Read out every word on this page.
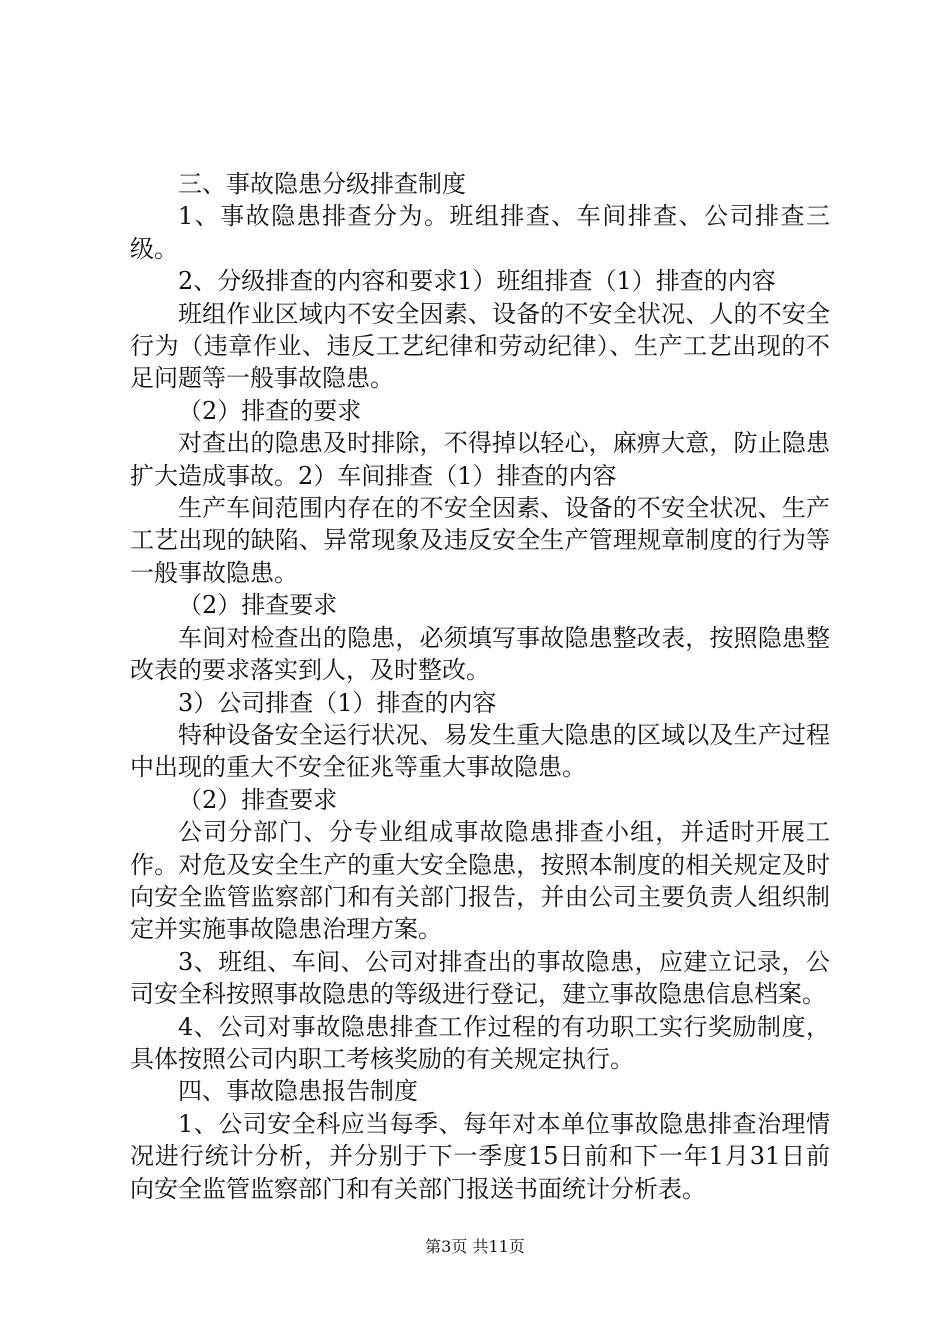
三、事故隐患分级排查制度

1、事故隐患排查分为。班组排查、车间排查、公司排查三级。

2、分级排查的内容和要求1）班组排查（1）排查的内容

班组作业区域内不安全因素、设备的不安全状况、人的不安全行为（违章作业、违反工艺纪律和劳动纪律）、生产工艺出现的不足问题等一般事故隐患。

（2）排查的要求

对查出的隐患及时排除，不得掉以轻心，麻痹大意，防止隐患扩大造成事故。2）车间排查（1）排查的内容

生产车间范围内存在的不安全因素、设备的不安全状况、生产工艺出现的缺陷、异常现象及违反安全生产管理规章制度的行为等一般事故隐患。

（2）排查要求

车间对检查出的隐患，必须填写事故隐患整改表，按照隐患整改表的要求落实到人，及时整改。

3）公司排查（1）排查的内容

特种设备安全运行状况、易发生重大隐患的区域以及生产过程中出现的重大不安全征兆等重大事故隐患。

（2）排查要求

公司分部门、分专业组成事故隐患排查小组，并适时开展工作。对危及安全生产的重大安全隐患，按照本制度的相关规定及时向安全监管监察部门和有关部门报告，并由公司主要负责人组织制定并实施事故隐患治理方案。

3、班组、车间、公司对排查出的事故隐患，应建立记录，公司安全科按照事故隐患的等级进行登记，建立事故隐患信息档案。

4、公司对事故隐患排查工作过程的有功职工实行奖励制度，具体按照公司内职工考核奖励的有关规定执行。

四、事故隐患报告制度

1、公司安全科应当每季、每年对本单位事故隐患排查治理情况进行统计分析，并分别于下一季度15日前和下一年1月31日前向安全监管监察部门和有关部门报送书面统计分析表。

第3页 共11页
